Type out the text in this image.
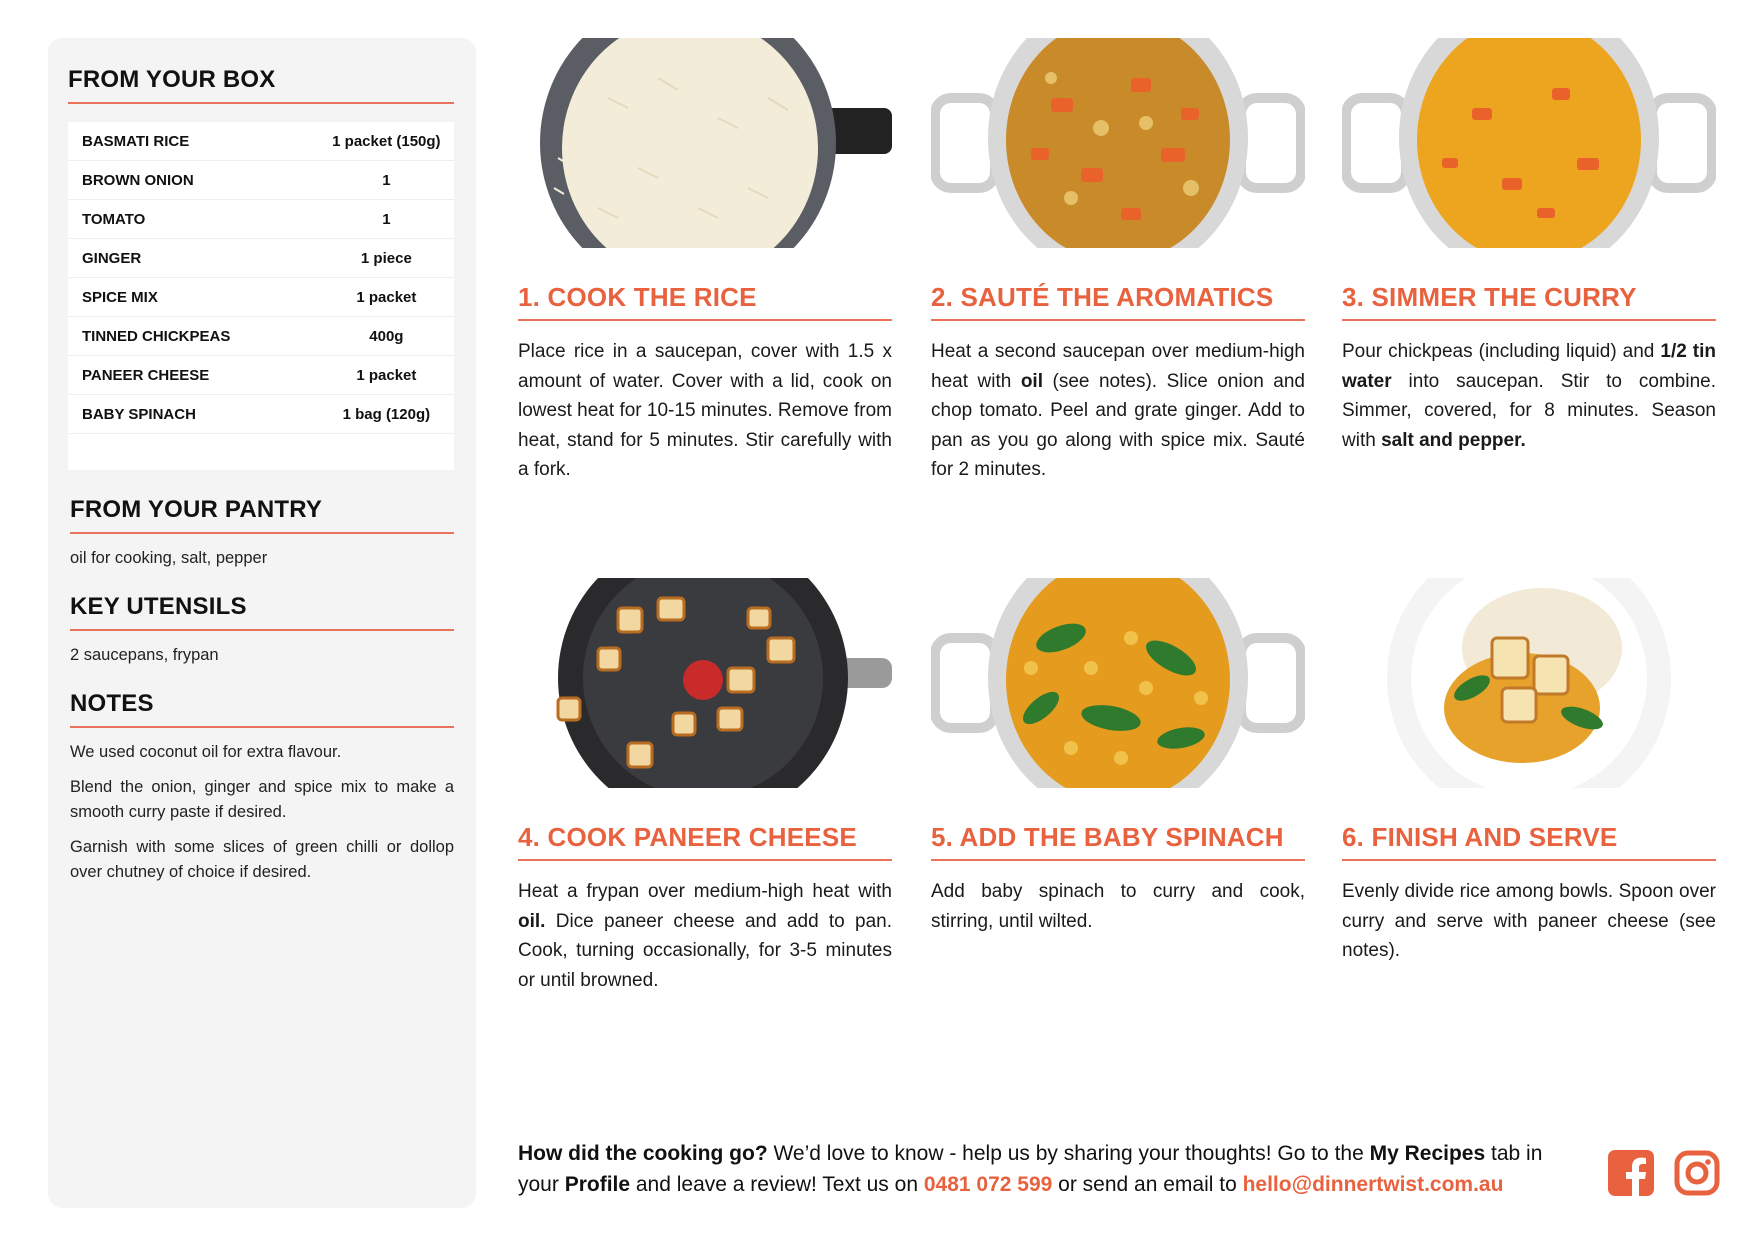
FROM YOUR BOX
BASMATI RICE	1 packet (150g)
BROWN ONION	1
TOMATO	1
GINGER	1 piece
SPICE MIX	1 packet
TINNED CHICKPEAS	400g
PANEER CHEESE	1 packet
BABY SPINACH	1 bag (120g)
FROM YOUR PANTRY

oil for cooking, salt, pepper

KEY UTENSILS

2 saucepans, frypan

NOTES

We used coconut oil for extra flavour.

Blend the onion, ginger and spice mix to make a smooth curry paste if desired.

Garnish with some slices of green chilli or dollop over chutney of choice if desired.

1. COOK THE RICE

Place rice in a saucepan, cover with 1.5 x amount of water. Cover with a lid, cook on lowest heat for 10-15 minutes. Remove from heat, stand for 5 minutes. Stir carefully with a fork.

2. SAUTÉ THE AROMATICS

Heat a second saucepan over medium-high heat with oil (see notes). Slice onion and chop tomato. Peel and grate ginger. Add to pan as you go along with spice mix. Sauté for 2 minutes.

3. SIMMER THE CURRY

Pour chickpeas (including liquid) and 1/2 tin water into saucepan. Stir to combine. Simmer, covered, for 8 minutes. Season with salt and pepper.

4. COOK PANEER CHEESE

Heat a frypan over medium-high heat with oil. Dice paneer cheese and add to pan. Cook, turning occasionally, for 3-5 minutes or until browned.

5. ADD THE BABY SPINACH

Add baby spinach to curry and cook, stirring, until wilted.

6. FINISH AND SERVE

Evenly divide rice among bowls. Spoon over curry and serve with paneer cheese (see notes).

How did the cooking go? We’d love to know - help us by sharing your thoughts! Go to the My Recipes tab in your Profile and leave a review! Text us on 0481 072 599 or send an email to hello@dinnertwist.com.au
